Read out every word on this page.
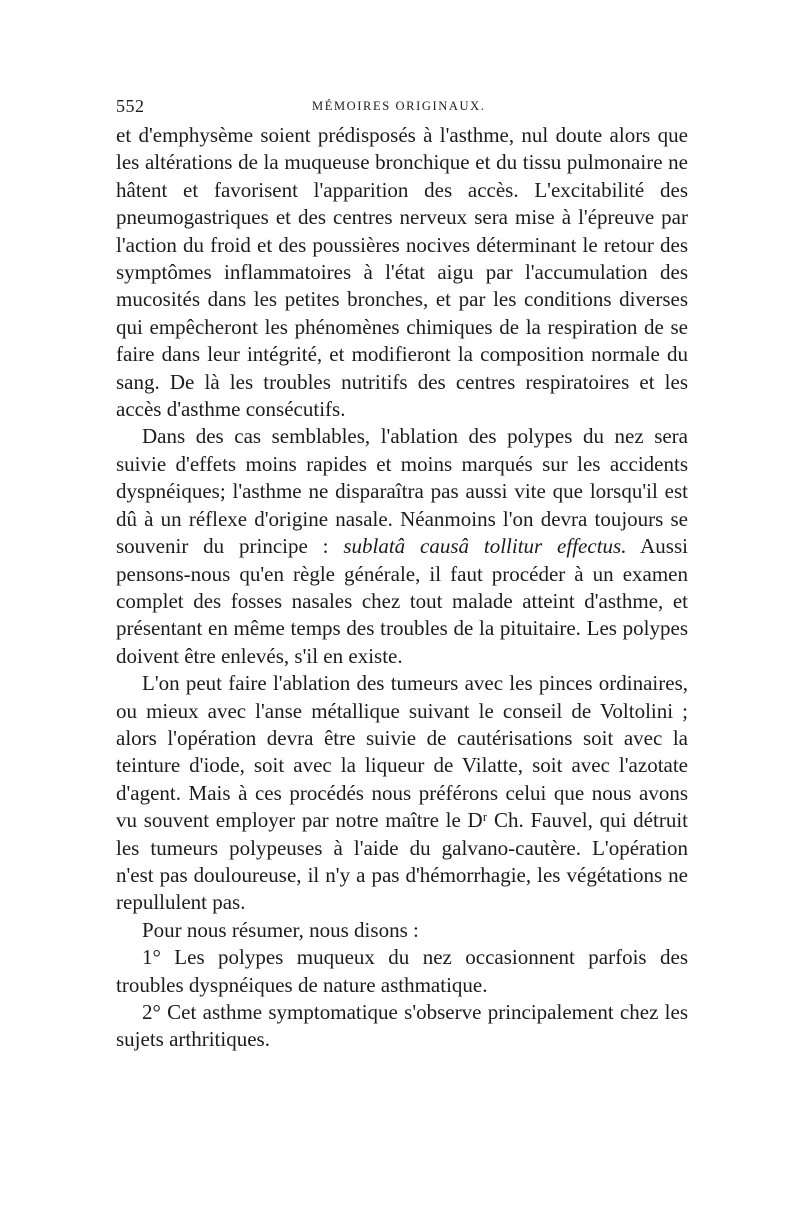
552	MÉMOIRES ORIGINAUX.

et d'emphysème soient prédisposés à l'asthme, nul doute alors que les altérations de la muqueuse bronchique et du tissu pulmonaire ne hâtent et favorisent l'apparition des accès. L'excitabilité des pneumogastriques et des centres nerveux sera mise à l'épreuve par l'action du froid et des poussières nocives déterminant le retour des symptômes inflammatoires à l'état aigu par l'accumulation des mucosités dans les petites bronches, et par les conditions diverses qui empêcheront les phénomènes chimiques de la respiration de se faire dans leur intégrité, et modifieront la composition normale du sang. De là les troubles nutritifs des centres respiratoires et les accès d'asthme consécutifs.

Dans des cas semblables, l'ablation des polypes du nez sera suivie d'effets moins rapides et moins marqués sur les accidents dyspnéiques; l'asthme ne disparaîtra pas aussi vite que lorsqu'il est dû à un réflexe d'origine nasale. Néanmoins l'on devra toujours se souvenir du principe : sublatâ causâ tollitur effectus. Aussi pensons-nous qu'en règle générale, il faut procéder à un examen complet des fosses nasales chez tout malade atteint d'asthme, et présentant en même temps des troubles de la pituitaire. Les polypes doivent être enlevés, s'il en existe.

L'on peut faire l'ablation des tumeurs avec les pinces ordinaires, ou mieux avec l'anse métallique suivant le conseil de Voltolini ; alors l'opération devra être suivie de cautérisations soit avec la teinture d'iode, soit avec la liqueur de Vilatte, soit avec l'azotate d'agent. Mais à ces procédés nous préférons celui que nous avons vu souvent employer par notre maître le Dʳ Ch. Fauvel, qui détruit les tumeurs polypeuses à l'aide du galvano-cautère. L'opération n'est pas douloureuse, il n'y a pas d'hémorrhagie, les végétations ne repullulent pas.

Pour nous résumer, nous disons :

1° Les polypes muqueux du nez occasionnent parfois des troubles dyspnéiques de nature asthmatique.

2° Cet asthme symptomatique s'observe principalement chez les sujets arthritiques.
